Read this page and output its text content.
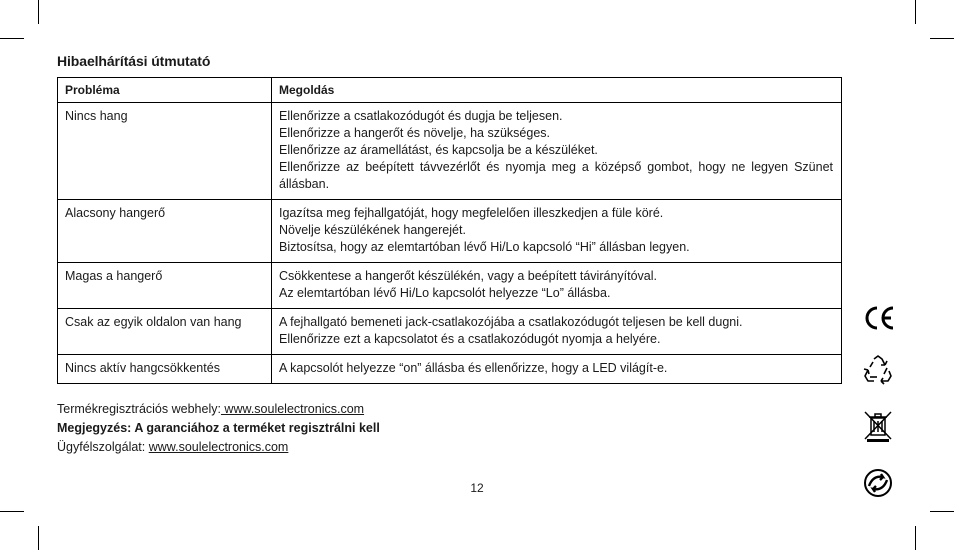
Hibaelhárítási útmutató
Probléma	Megoldás
Nincs hang	Ellenőrizze a csatlakozódugót és dugja be teljesen.
Ellenőrizze a hangerőt és növelje, ha szükséges.
Ellenőrizze az áramellátást, és kapcsolja be a készüléket.
Ellenőrizze az beépített távvezérlőt és nyomja meg a középső gombot, hogy ne legyen Szünet állásban.

Alacsony hangerő	Igazítsa meg fejhallgatóját, hogy megfelelően illeszkedjen a füle köré.
Növelje készülékének hangerejét.
Biztosítsa, hogy az elemtartóban lévő Hi/Lo kapcsoló “Hi” állásban legyen.

Magas a hangerő	Csökkentese a hangerőt készülékén, vagy a beépített távirányítóval.
Az elemtartóban lévő Hi/Lo kapcsolót helyezze “Lo” állásba.

Csak az egyik oldalon van hang	A fejhallgató bemeneti jack-csatlakozójába a csatlakozódugót teljesen be kell dugni.
Ellenőrizze ezt a kapcsolatot és a csatlakozódugót nyomja a helyére.

Nincs aktív hangcsökkentés	A kapcsolót helyezze “on” állásba és ellenőrizze, hogy a LED világít-e.
Termékregisztrációs webhely: www.soulelectronics.com
Megjegyzés: A garanciához a terméket regisztrálni kell
Ügyfélszolgálat: www.soulelectronics.com
12
